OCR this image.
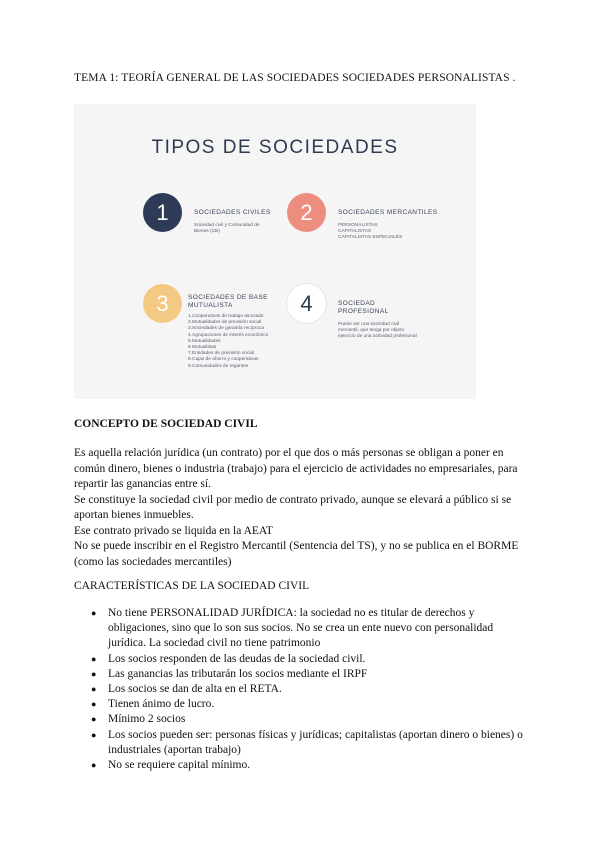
TEMA 1: TEORÍA GENERAL DE LAS SOCIEDADES SOCIEDADES PERSONALISTAS .
TIPOS DE SOCIEDADES
1	SOCIEDADES CIVILES
Sociedad civil y Comunidad de
Bienes (CB)
2	SOCIEDADES MERCANTILES
PERSONALISTAS
CAPITALISTAS
CAPITALISTAS ESPECIALES
3	SOCIEDADES DE BASE MUTUALISTA
1.Cooperativas de trabajo asociado
2.Mutualidades de previsión social
3.Sociedades de garantía recíproca
4.Agrupaciones de interés económico
5.Mutualidades
6.Mutualistas
7.Entidades de previsión social
8.Cajas de ahorro y cooperativas
9.Comunidades de regantes
4	SOCIEDAD PROFESIONAL
Puede ser una sociedad civil
mercantil, que tenga por objeto
ejercicio de una actividad profesional
CONCEPTO DE SOCIEDAD CIVIL

Es aquella relación jurídica (un contrato) por el que dos o más personas se obligan a poner en común dinero, bienes o industria (trabajo) para el ejercicio de actividades no empresariales, para repartir las ganancias entre sí.

Se constituye la sociedad civil por medio de contrato privado, aunque se elevará a público si se aportan bienes inmuebles.

Ese contrato privado se liquida en la AEAT

No se puede inscribir en el Registro Mercantil (Sentencia del TS), y no se publica en el BORME (como las sociedades mercantiles)

CARACTERÍSTICAS DE LA SOCIEDAD CIVIL
● No tiene PERSONALIDAD JURÍDICA: la sociedad no es titular de derechos y obligaciones, sino que lo son sus socios. No se crea un ente nuevo con personalidad jurídica. La sociedad civil no tiene patrimonio
● Los socios responden de las deudas de la sociedad civil.
● Las ganancias las tributarán los socios mediante el IRPF
● Los socios se dan de alta en el RETA.
● Tienen ánimo de lucro.
● Mínimo 2 socios
● Los socios pueden ser: personas físicas y jurídicas; capitalistas (aportan dinero o bienes) o industriales (aportan trabajo)
● No se requiere capital mínimo.
